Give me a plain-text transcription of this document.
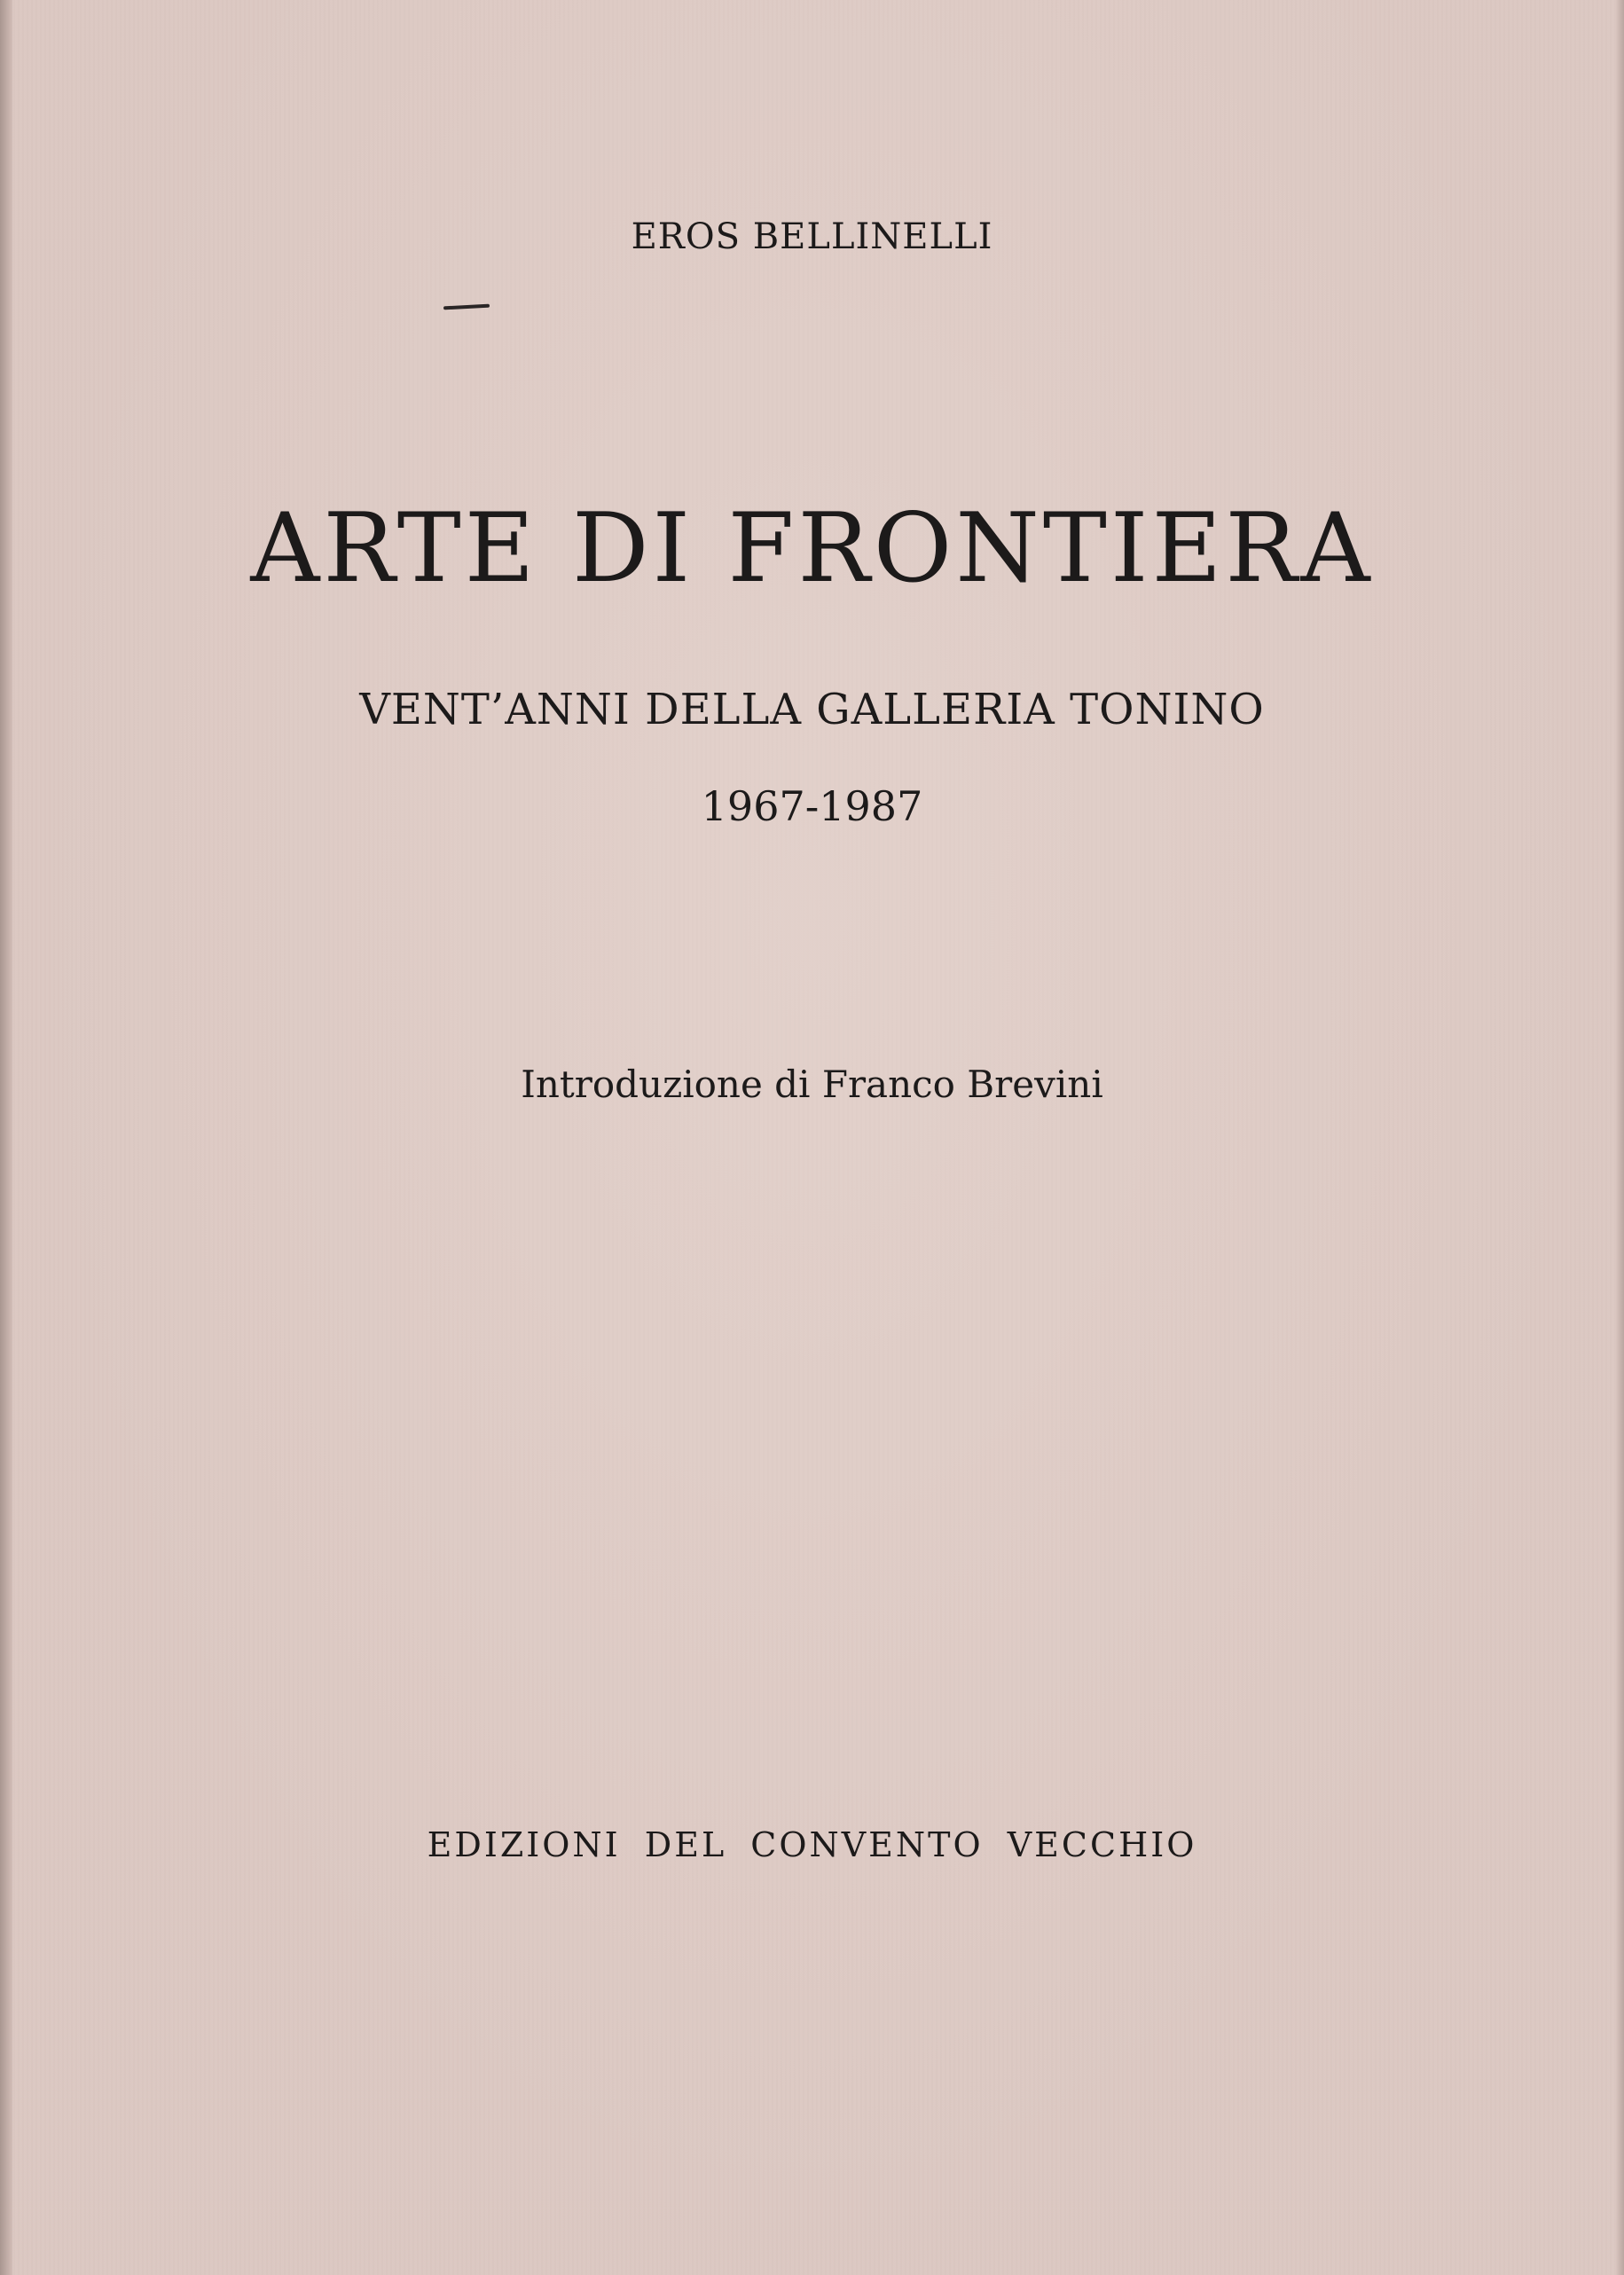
EROS BELLINELLI
ARTE DI FRONTIERA
VENT’ANNI DELLA GALLERIA TONINO
1967-1987
Introduzione di Franco Brevini
EDIZIONI DEL CONVENTO VECCHIO
